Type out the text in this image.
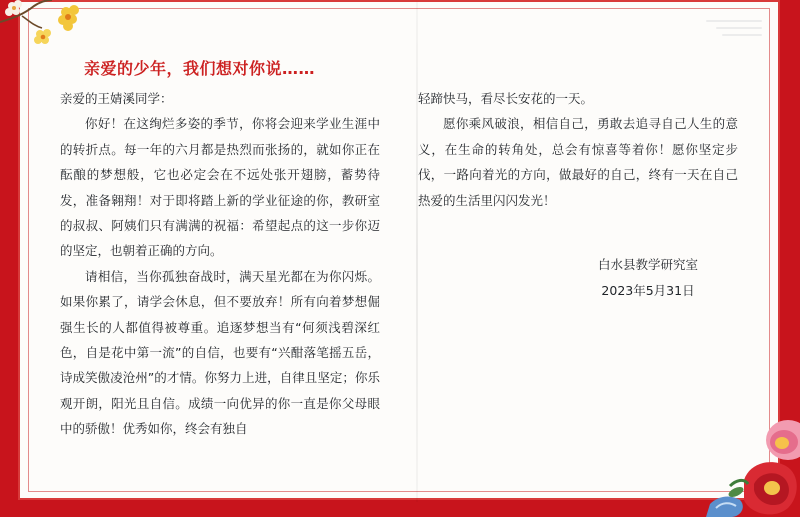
亲爱的少年，我们想对你说……

亲爱的王婧溪同学：

你好！在这绚烂多姿的季节，你将会迎来学业生涯中的转折点。每一年的六月都是热烈而张扬的，就如你正在酝酿的梦想般，它也必定会在不远处张开翅膀，蓄势待发，准备翱翔！对于即将踏上新的学业征途的你，教研室的叔叔、阿姨们只有满满的祝福：希望起点的这一步你迈的坚定，也朝着正确的方向。

请相信，当你孤独奋战时，满天星光都在为你闪烁。如果你累了，请学会休息，但不要放弃！所有向着梦想倔强生长的人都值得被尊重。追逐梦想当有“何须浅碧深红色，自是花中第一流”的自信，也要有“兴酣落笔摇五岳，诗成笑傲凌沧州”的才情。你努力上进，自律且坚定；你乐观开朗，阳光且自信。成绩一向优异的你一直是你父母眼中的骄傲！优秀如你，终会有独自

轻蹄快马，看尽长安花的一天。

愿你乘风破浪，相信自己，勇敢去追寻自己人生的意义，在生命的转角处，总会有惊喜等着你！愿你坚定步伐，一路向着光的方向，做最好的自己，终有一天在自己热爱的生活里闪闪发光！

白水县教学研究室
2023年5月31日
